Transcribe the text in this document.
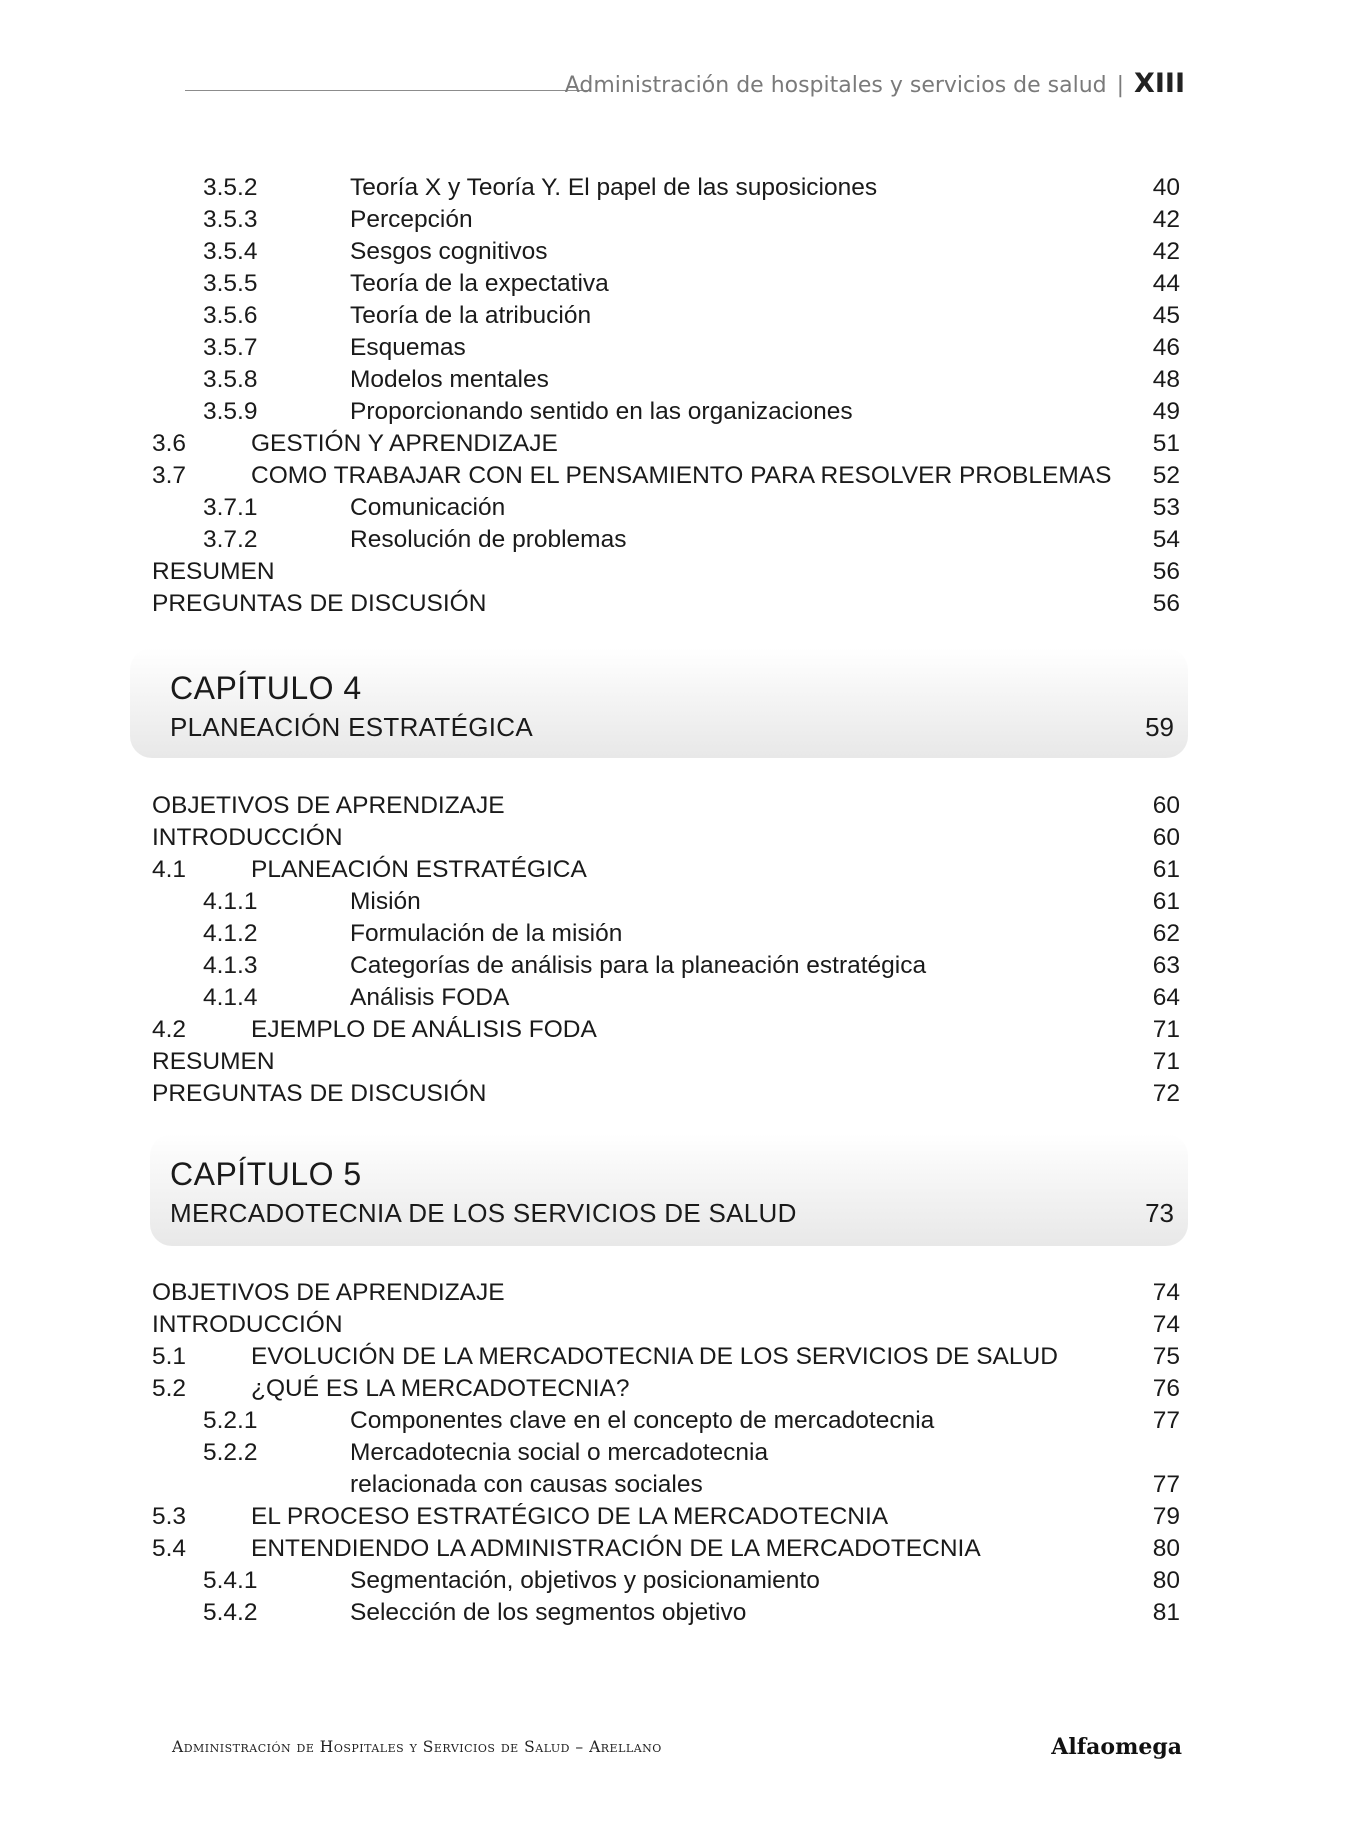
Administración de hospitales y servicios de salud | XIII
3.5.2	Teoría X y Teoría Y. El papel de las suposiciones	40
3.5.3	Percepción	42
3.5.4	Sesgos cognitivos	42
3.5.5	Teoría de la expectativa	44
3.5.6	Teoría de la atribución	45
3.5.7	Esquemas	46
3.5.8	Modelos mentales	48
3.5.9	Proporcionando sentido en las organizaciones	49
3.6	GESTIÓN Y APRENDIZAJE	51
3.7	COMO TRABAJAR CON EL PENSAMIENTO PARA RESOLVER PROBLEMAS 52
3.7.1	Comunicación	53
3.7.2	Resolución de problemas	54
RESUMEN	56
PREGUNTAS DE DISCUSIÓN	56
CAPÍTULO 4
PLANEACIÓN ESTRATÉGICA	59
OBJETIVOS DE APRENDIZAJE	60
INTRODUCCIÓN	60
4.1	PLANEACIÓN ESTRATÉGICA	61
4.1.1	Misión	61
4.1.2	Formulación de la misión	62
4.1.3	Categorías de análisis para la planeación estratégica	63
4.1.4	Análisis FODA	64
4.2	EJEMPLO DE ANÁLISIS FODA	71
RESUMEN	71
PREGUNTAS DE DISCUSIÓN	72
CAPÍTULO 5
MERCADOTECNIA DE LOS SERVICIOS DE SALUD	73
OBJETIVOS DE APRENDIZAJE	74
INTRODUCCIÓN	74
5.1	EVOLUCIÓN DE LA MERCADOTECNIA DE LOS SERVICIOS DE SALUD	75
5.2	¿QUÉ ES LA MERCADOTECNIA?	76
5.2.1	Componentes clave en el concepto de mercadotecnia	77
5.2.2	Mercadotecnia social o mercadotecnia
relacionada con causas sociales	77
5.3	EL PROCESO ESTRATÉGICO DE LA MERCADOTECNIA	79
5.4	ENTENDIENDO LA ADMINISTRACIÓN DE LA MERCADOTECNIA	80
5.4.1	Segmentación, objetivos y posicionamiento	80
5.4.2	Selección de los segmentos objetivo	81
Administración de Hospitales y Servicios de Salud – Arellano	Alfaomega
